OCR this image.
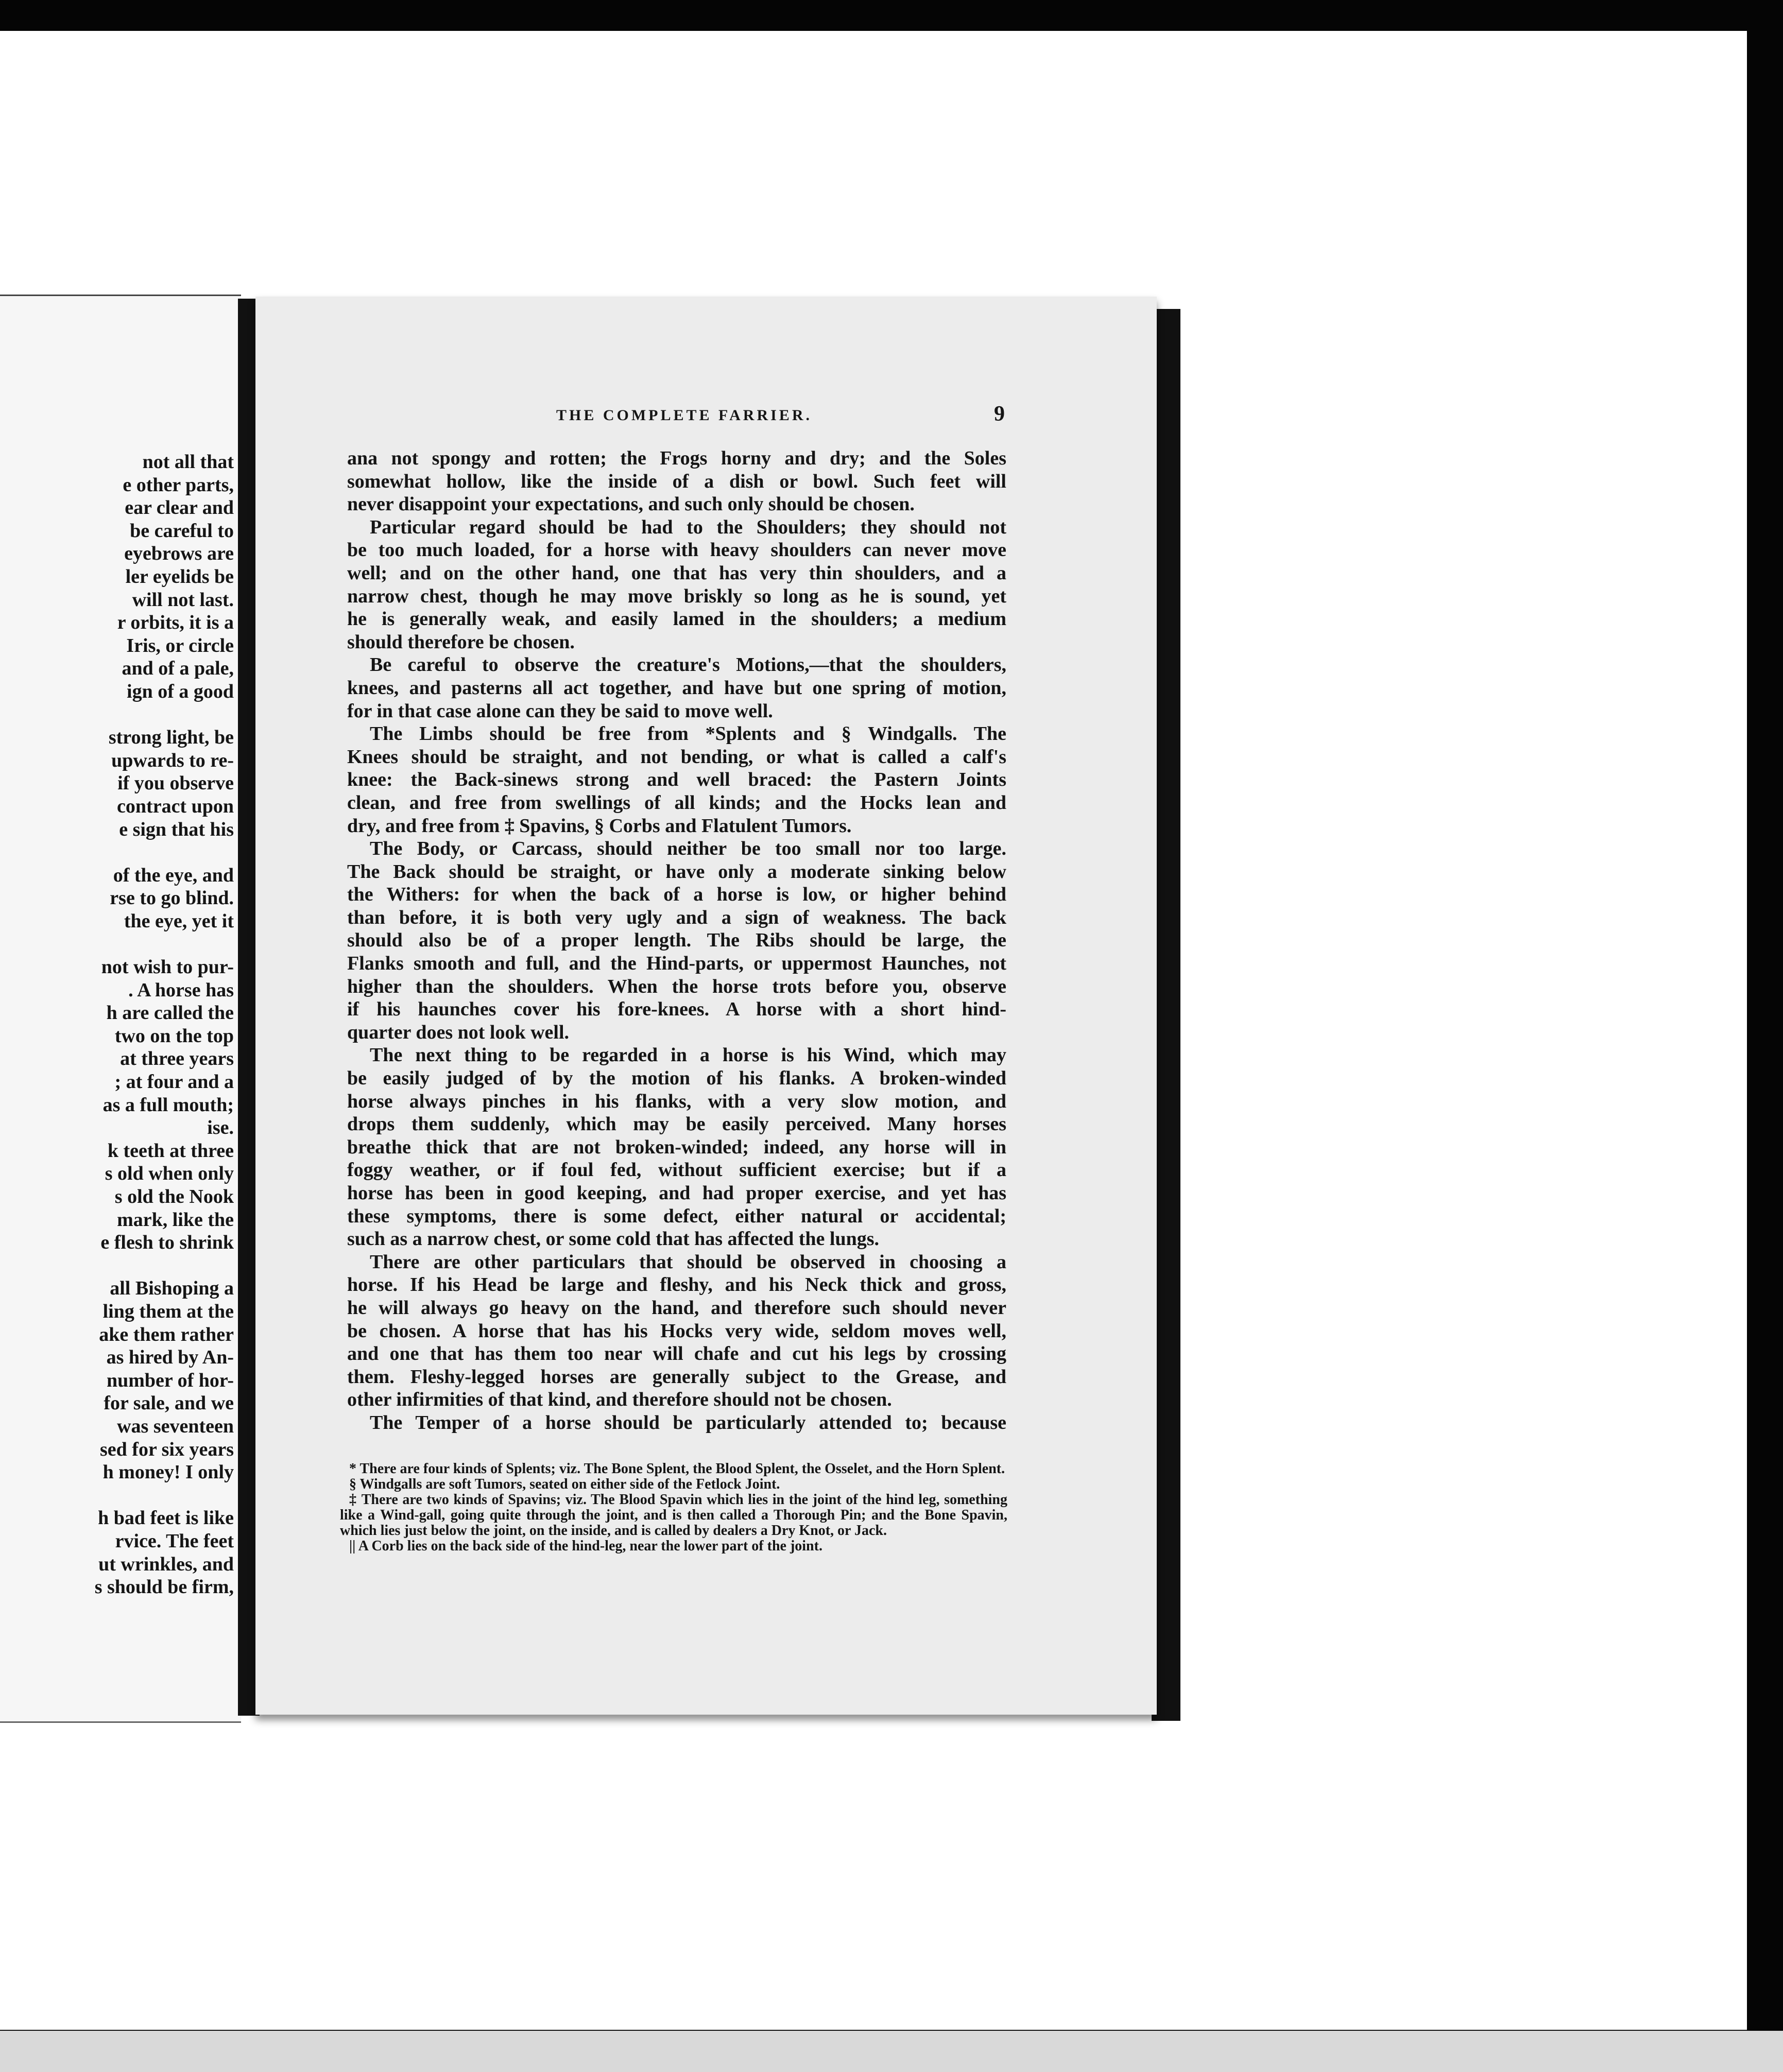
not all that
e other parts,
ear clear and
be careful to
eyebrows are
ler eyelids be
will not last.
r orbits, it is a
Iris, or circle
and of a pale,
ign of a good
strong light, be
upwards to re-
if you observe
contract upon
e sign that his
of the eye, and
rse to go blind.
the eye, yet it
not wish to pur-
. A horse has
h are called the
two on the top
at three years
; at four and a
as a full mouth;
ise.
k teeth at three
s old when only
s old the Nook
mark, like the
e flesh to shrink
all Bishoping a
ling them at the
ake them rather
as hired by An-
number of hor-
for sale, and we
was seventeen
sed for six years
h money! I only
h bad feet is like
rvice. The feet
ut wrinkles, and
s should be firm,
THE COMPLETE FARRIER.	9

ana not spongy and rotten; the Frogs horny and dry; and the Soles

somewhat hollow, like the inside of a dish or bowl. Such feet will

never disappoint your expectations, and such only should be chosen.

Particular regard should be had to the Shoulders; they should not

be too much loaded, for a horse with heavy shoulders can never move

well; and on the other hand, one that has very thin shoulders, and a

narrow chest, though he may move briskly so long as he is sound, yet

he is generally weak, and easily lamed in the shoulders; a medium

should therefore be chosen.

Be careful to observe the creature's Motions,—that the shoulders,

knees, and pasterns all act together, and have but one spring of motion,

for in that case alone can they be said to move well.

The Limbs should be free from *Splents and § Windgalls. The

Knees should be straight, and not bending, or what is called a calf's

knee: the Back-sinews strong and well braced: the Pastern Joints

clean, and free from swellings of all kinds; and the Hocks lean and

dry, and free from ‡ Spavins, § Corbs and Flatulent Tumors.

The Body, or Carcass, should neither be too small nor too large.

The Back should be straight, or have only a moderate sinking below

the Withers: for when the back of a horse is low, or higher behind

than before, it is both very ugly and a sign of weakness. The back

should also be of a proper length. The Ribs should be large, the

Flanks smooth and full, and the Hind-parts, or uppermost Haunches, not

higher than the shoulders. When the horse trots before you, observe

if his haunches cover his fore-knees. A horse with a short hind-

quarter does not look well.

The next thing to be regarded in a horse is his Wind, which may

be easily judged of by the motion of his flanks. A broken-winded

horse always pinches in his flanks, with a very slow motion, and

drops them suddenly, which may be easily perceived. Many horses

breathe thick that are not broken-winded; indeed, any horse will in

foggy weather, or if foul fed, without sufficient exercise; but if a

horse has been in good keeping, and had proper exercise, and yet has

these symptoms, there is some defect, either natural or accidental;

such as a narrow chest, or some cold that has affected the lungs.

There are other particulars that should be observed in choosing a

horse. If his Head be large and fleshy, and his Neck thick and gross,

he will always go heavy on the hand, and therefore such should never

be chosen. A horse that has his Hocks very wide, seldom moves well,

and one that has them too near will chafe and cut his legs by crossing

them. Fleshy-legged horses are generally subject to the Grease, and

other infirmities of that kind, and therefore should not be chosen.

The Temper of a horse should be particularly attended to; because

* There are four kinds of Splents; viz. The Bone Splent, the Blood Splent, the Osselet, and the Horn Splent.

§ Windgalls are soft Tumors, seated on either side of the Fetlock Joint.

‡ There are two kinds of Spavins; viz. The Blood Spavin which lies in the joint of the hind leg, something like a Wind-gall, going quite through the joint, and is then called a Thorough Pin; and the Bone Spavin, which lies just below the joint, on the inside, and is called by dealers a Dry Knot, or Jack.

|| A Corb lies on the back side of the hind-leg, near the lower part of the joint.
